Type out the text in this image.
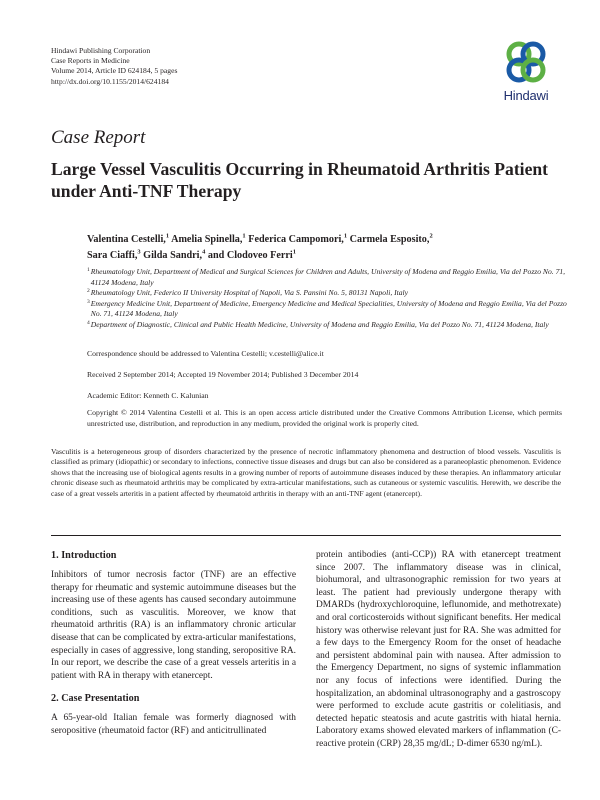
Hindawi Publishing Corporation
Case Reports in Medicine
Volume 2014, Article ID 624184, 5 pages
http://dx.doi.org/10.1155/2014/624184
Hindawi
Case Report
Large Vessel Vasculitis Occurring in Rheumatoid Arthritis Patient under Anti-TNF Therapy
Valentina Cestelli,$^1$ Amelia Spinella,$^1$ Federica Campomori,$^1$ Carmela Esposito,$^2$
Sara Ciaffi,$^3$ Gilda Sandri,$^4$ and Clodoveo Ferri$^1$
1 Rheumatology Unit, Department of Medical and Surgical Sciences for Children and Adults, University of Modena and Reggio Emilia, Via del Pozzo No. 71, 41124 Modena, Italy
2 Rheumatology Unit, Federico II University Hospital of Napoli, Via S. Pansini No. 5, 80131 Napoli, Italy
3 Emergency Medicine Unit, Department of Medicine, Emergency Medicine and Medical Specialities, University of Modena and Reggio Emilia, Via del Pozzo No. 71, 41124 Modena, Italy
4 Department of Diagnostic, Clinical and Public Health Medicine, University of Modena and Reggio Emilia, Via del Pozzo No. 71, 41124 Modena, Italy
Correspondence should be addressed to Valentina Cestelli; v.cestelli@alice.it
Received 2 September 2014; Accepted 19 November 2014; Published 3 December 2014
Academic Editor: Kenneth C. Kalunian
Copyright © 2014 Valentina Cestelli et al. This is an open access article distributed under the Creative Commons Attribution License, which permits unrestricted use, distribution, and reproduction in any medium, provided the original work is properly cited.
Vasculitis is a heterogeneous group of disorders characterized by the presence of necrotic inflammatory phenomena and destruction of blood vessels. Vasculitis is classified as primary (idiopathic) or secondary to infections, connective tissue diseases and drugs but can also be considered as a paraneoplastic phenomenon. Evidence shows that the increasing use of biological agents results in a growing number of reports of autoimmune diseases induced by these therapies. An inflammatory articular chronic disease such as rheumatoid arthritis may be complicated by extra-articular manifestations, such as cutaneous or systemic vasculitis. Herewith, we describe the case of a great vessels arteritis in a patient affected by rheumatoid arthritis in therapy with an anti-TNF agent (etanercept).

1. Introduction

Inhibitors of tumor necrosis factor (TNF) are an effective therapy for rheumatic and systemic autoimmune diseases but the increasing use of these agents has caused secondary autoimmune conditions, such as vasculitis. Moreover, we know that rheumatoid arthritis (RA) is an inflammatory chronic articular disease that can be complicated by extra-articular manifestations, especially in cases of aggressive, long standing, seropositive RA. In our report, we describe the case of a great vessels arteritis in a patient with RA in therapy with etanercept.

2. Case Presentation

A 65-year-old Italian female was formerly diagnosed with seropositive (rheumatoid factor (RF) and anticitrullinated

protein antibodies (anti-CCP)) RA with etanercept treatment since 2007. The inflammatory disease was in clinical, biohumoral, and ultrasonographic remission for two years at least. The patient had previously undergone therapy with DMARDs (hydroxychloroquine, leflunomide, and methotrexate) and oral corticosteroids without significant benefits. Her medical history was otherwise relevant just for RA. She was admitted for a few days to the Emergency Room for the onset of headache and persistent abdominal pain with nausea. After admission to the Emergency Department, no signs of systemic inflammation nor any focus of infections were identified. During the hospitalization, an abdominal ultrasonography and a gastroscopy were performed to exclude acute gastritis or colelitiasis, and detected hepatic steatosis and acute gastritis with hiatal hernia. Laboratory exams showed elevated markers of inflammation (C-reactive protein (CRP) 28,35 mg/dL; D-dimer 6530 ng/mL).
